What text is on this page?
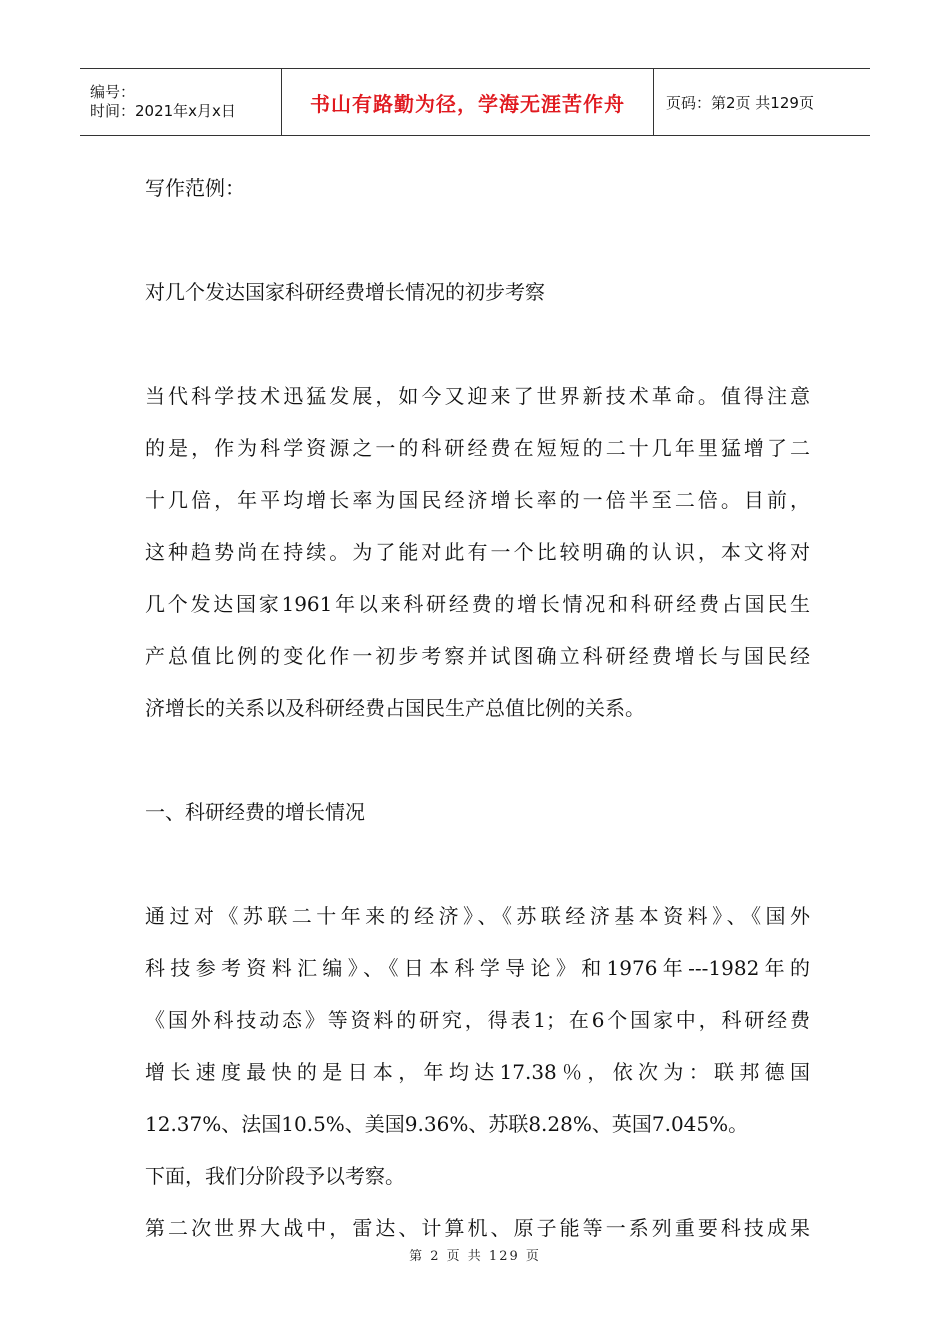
编号：
时间：2021年x月x日	书山有路勤为径，学海无涯苦作舟	页码：第2页 共129页
写作范例：
对几个发达国家科研经费增长情况的初步考察
当代科学技术迅猛发展，如今又迎来了世界新技术革命。值得注意
的是，作为科学资源之一的科研经费在短短的二十几年里猛增了二
十几倍，年平均增长率为国民经济增长率的一倍半至二倍。目前，
这种趋势尚在持续。为了能对此有一个比较明确的认识，本文将对
几个发达国家1961年以来科研经费的增长情况和科研经费占国民生
产总值比例的变化作一初步考察并试图确立科研经费增长与国民经
济增长的关系以及科研经费占国民生产总值比例的关系。
一、科研经费的增长情况
通过对《苏联二十年来的经济》、《苏联经济基本资料》、《国外
科技参考资料汇编》、《日本科学导论》和1976年---1982年的
《国外科技动态》等资料的研究，得表1；在6个国家中，科研经费
增长速度最快的是日本，年均达17.38％，依次为：联邦德国
12.37%、法国10.5%、美国9.36%、苏联8.28%、英国7.045%。
下面，我们分阶段予以考察。
第二次世界大战中，雷达、计算机、原子能等一系列重要科技成果
第 2 页 共 129 页
